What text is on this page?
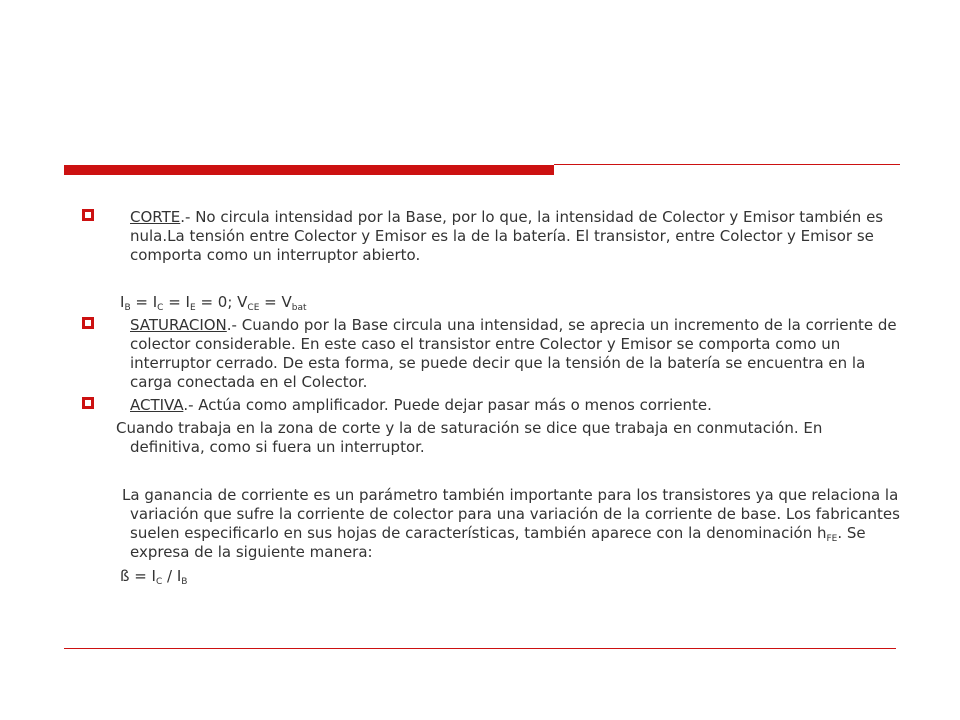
CORTE.- No circula intensidad por la Base, por lo que, la intensidad de Colector y Emisor también es nula.La tensión entre Colector y Emisor es la de la batería. El transistor, entre Colector y Emisor se comporta como un interruptor abierto.

$I_B = I_C = I_E = 0$; $V_{CE} = V_{bat}$

SATURACION.- Cuando por la Base circula una intensidad, se aprecia un incremento de la corriente de colector considerable. En este caso el transistor entre Colector y Emisor se comporta como un interruptor cerrado. De esta forma, se puede decir que la tensión de la batería se encuentra en la carga conectada en el Colector.

ACTIVA.- Actúa como amplificador. Puede dejar pasar más o menos corriente.

Cuando trabaja en la zona de corte y la de saturación se dice que trabaja en conmutación. En definitiva, como si fuera un interruptor.

La ganancia de corriente es un parámetro también importante para los transistores ya que relaciona la variación que sufre la corriente de colector para una variación de la corriente de base. Los fabricantes suelen especificarlo en sus hojas de características, también aparece con la denominación $h_{FE}$. Se expresa de la siguiente manera:

ß = $I_C / I_B$
